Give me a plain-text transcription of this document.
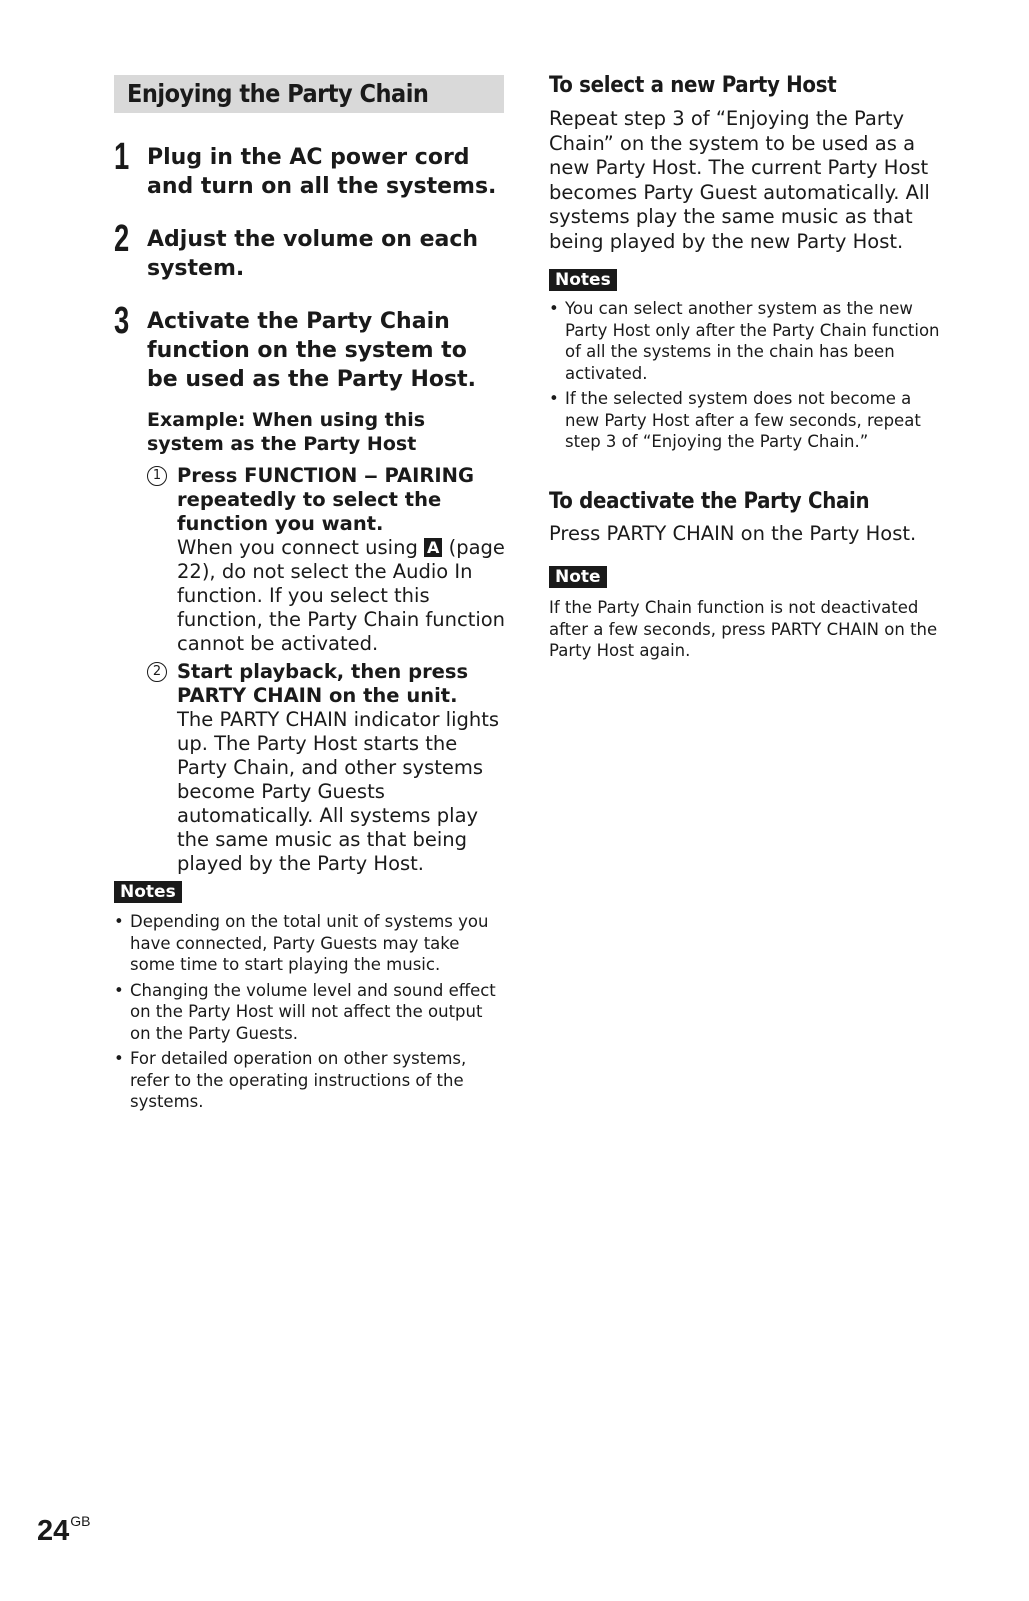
Enjoying the Party Chain
1 Plug in the AC power cord and turn on all the systems.
2 Adjust the volume on each system.
3 Activate the Party Chain function on the system to be used as the Party Host.
Example: When using this system as the Party Host
1 Press FUNCTION ‒ PAIRING repeatedly to select the function you want.
When you connect using A (page 22), do not select the Audio In function. If you select this function, the Party Chain function cannot be activated.
2 Start playback, then press PARTY CHAIN on the unit.
The PARTY CHAIN indicator lights up. The Party Host starts the Party Chain, and other systems become Party Guests automatically. All systems play the same music as that being played by the Party Host.
Notes
• Depending on the total unit of systems you have connected, Party Guests may take some time to start playing the music.
• Changing the volume level and sound effect on the Party Host will not affect the output on the Party Guests.
• For detailed operation on other systems, refer to the operating instructions of the systems.
To select a new Party Host
Repeat step 3 of “Enjoying the Party Chain” on the system to be used as a new Party Host. The current Party Host becomes Party Guest automatically. All systems play the same music as that being played by the new Party Host.
Notes
• You can select another system as the new Party Host only after the Party Chain function of all the systems in the chain has been activated.
• If the selected system does not become a new Party Host after a few seconds, repeat step 3 of “Enjoying the Party Chain.”
To deactivate the Party Chain
Press PARTY CHAIN on the Party Host.
Note
If the Party Chain function is not deactivated after a few seconds, press PARTY CHAIN on the Party Host again.
$24^{GB}$
